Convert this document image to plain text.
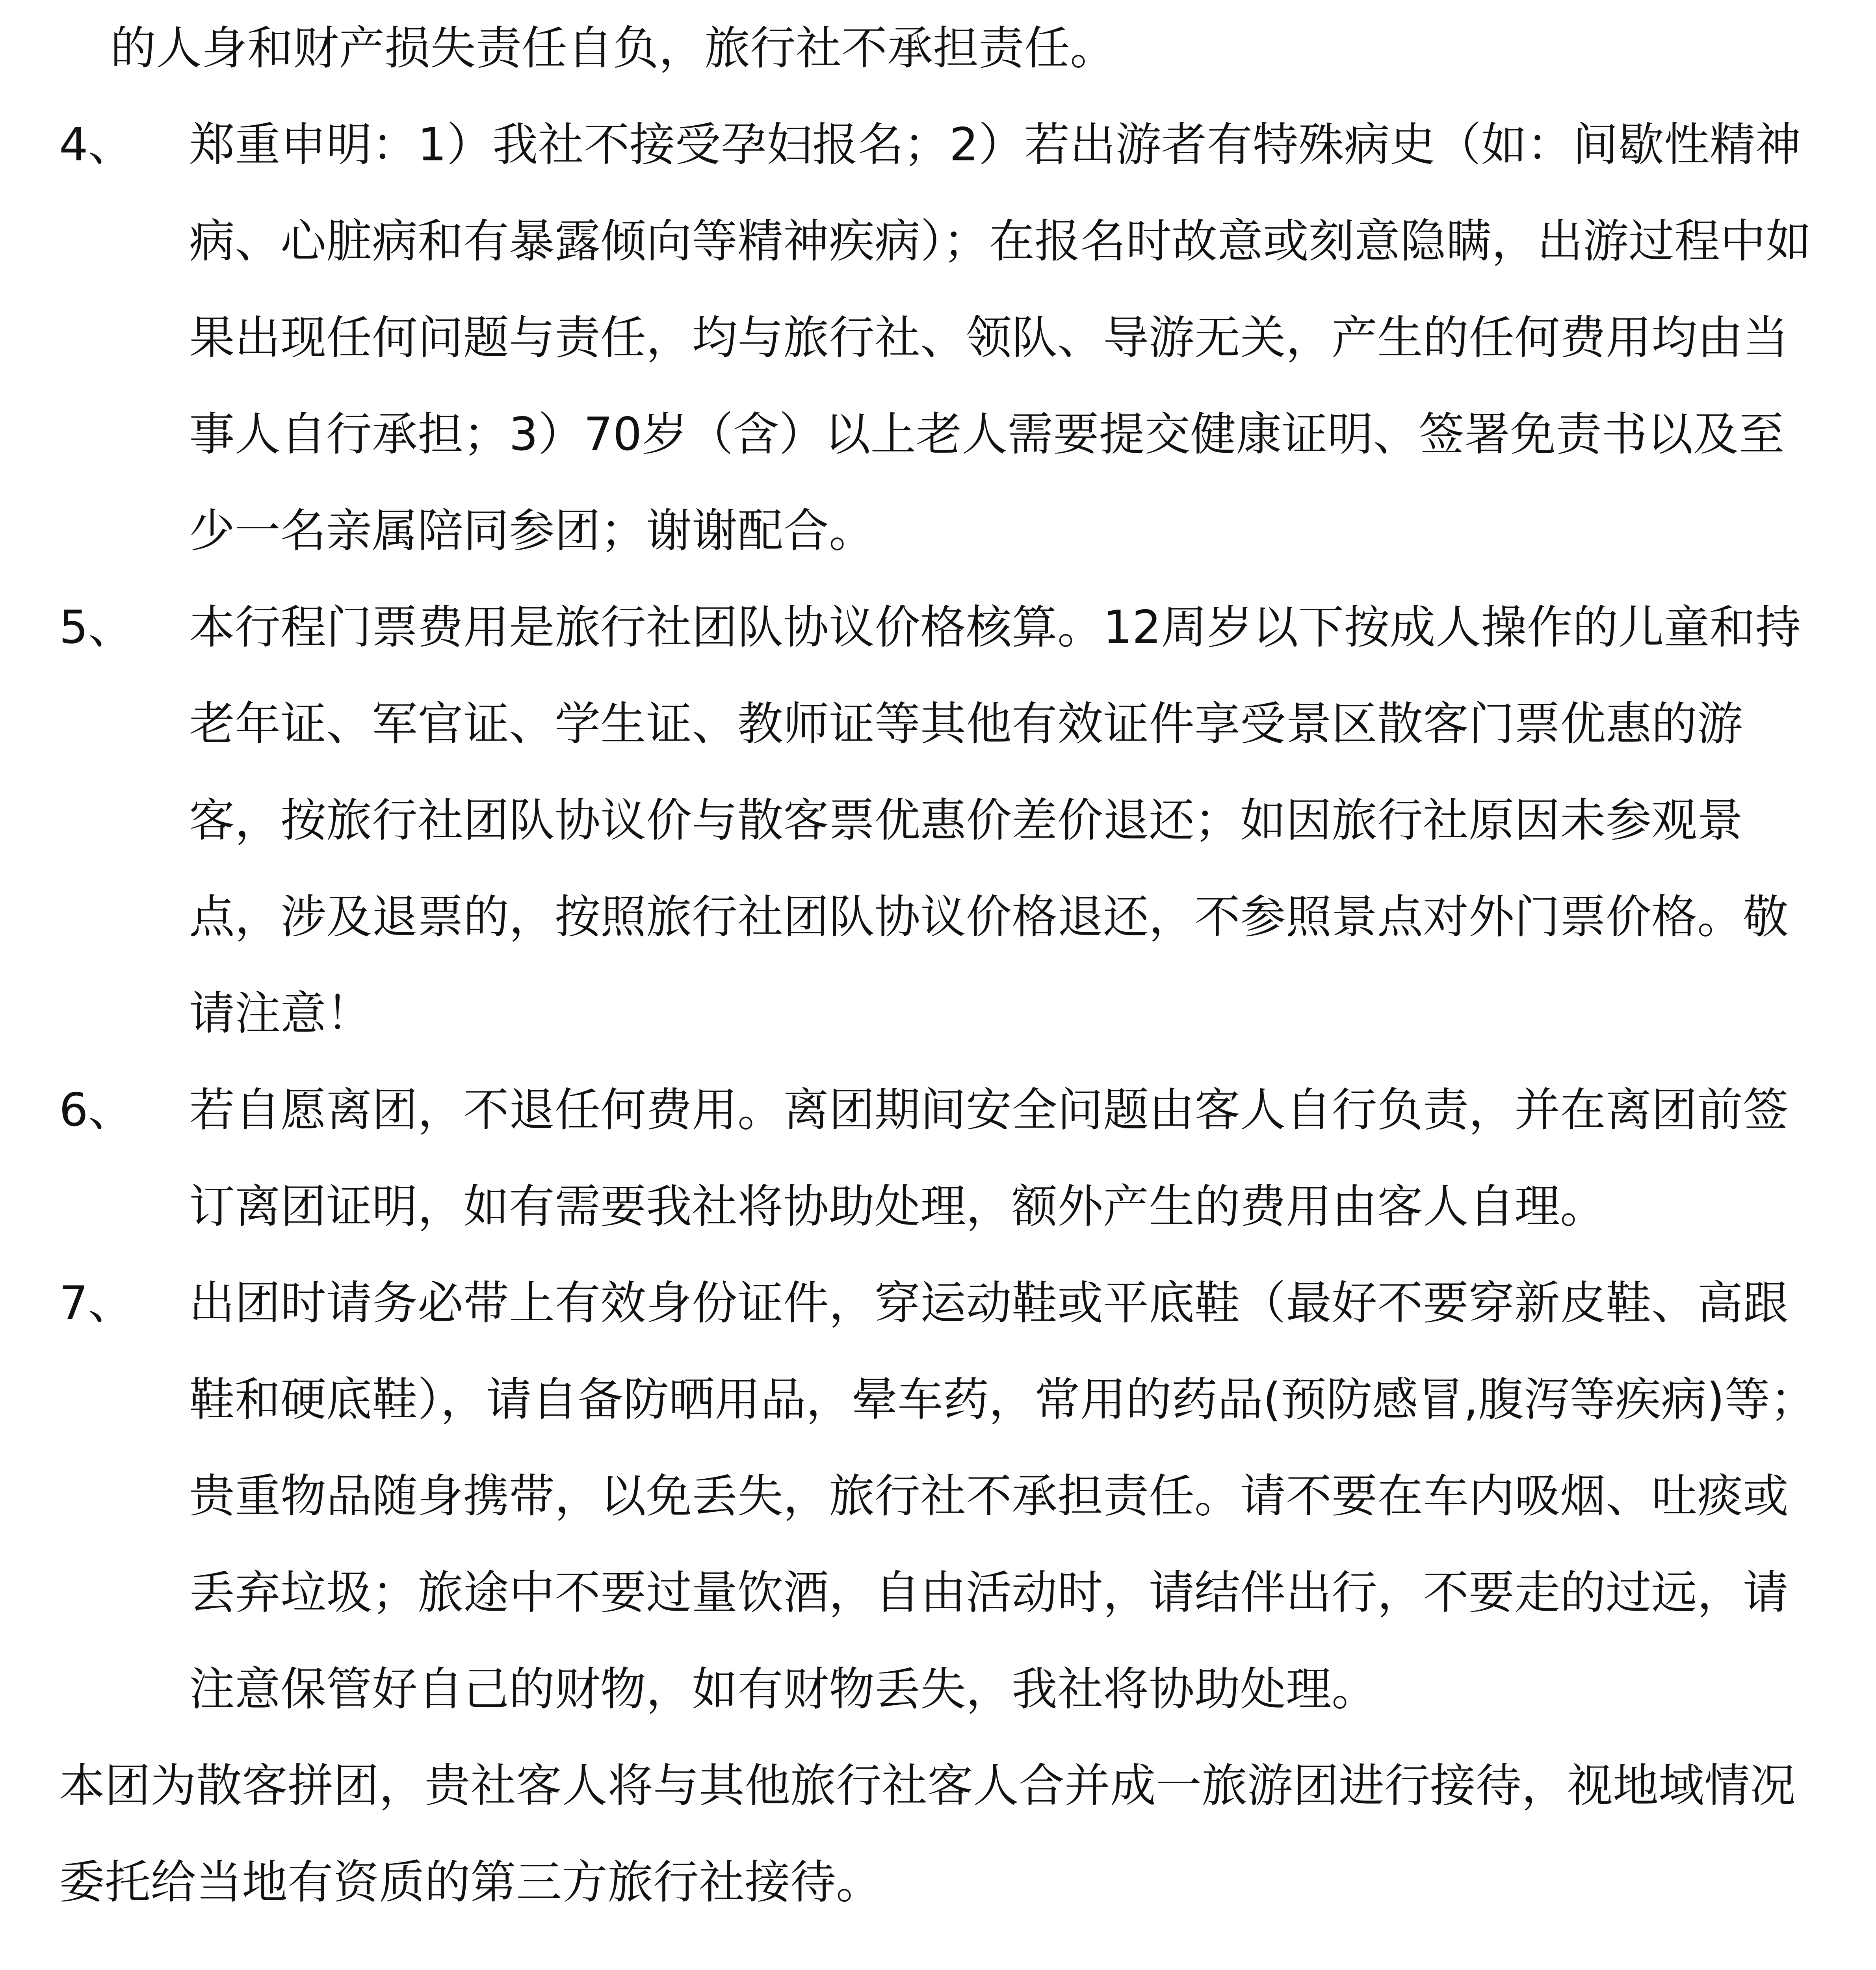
的人身和财产损失责任自负，旅行社不承担责任。
4、 郑重申明：1）我社不接受孕妇报名；2）若出游者有特殊病史（如：间歇性精神病、心脏病和有暴露倾向等精神疾病）；在报名时故意或刻意隐瞒，出游过程中如果出现任何问题与责任，均与旅行社、领队、导游无关，产生的任何费用均由当事人自行承担；3）70岁（含）以上老人需要提交健康证明、签署免责书以及至少一名亲属陪同参团；谢谢配合。
5、 本行程门票费用是旅行社团队协议价格核算。12周岁以下按成人操作的儿童和持老年证、军官证、学生证、教师证等其他有效证件享受景区散客门票优惠的游客，按旅行社团队协议价与散客票优惠价差价退还；如因旅行社原因未参观景点，涉及退票的，按照旅行社团队协议价格退还，不参照景点对外门票价格。敬请注意！
6、 若自愿离团，不退任何费用。离团期间安全问题由客人自行负责，并在离团前签订离团证明，如有需要我社将协助处理，额外产生的费用由客人自理。
7、 出团时请务必带上有效身份证件，穿运动鞋或平底鞋（最好不要穿新皮鞋、高跟鞋和硬底鞋），请自备防晒用品，晕车药，常用的药品(预防感冒,腹泻等疾病)等；贵重物品随身携带，以免丢失，旅行社不承担责任。请不要在车内吸烟、吐痰或丢弃垃圾；旅途中不要过量饮酒，自由活动时，请结伴出行，不要走的过远，请注意保管好自己的财物，如有财物丢失，我社将协助处理。
本团为散客拼团，贵社客人将与其他旅行社客人合并成一旅游团进行接待，视地域情况委托给当地有资质的第三方旅行社接待。
